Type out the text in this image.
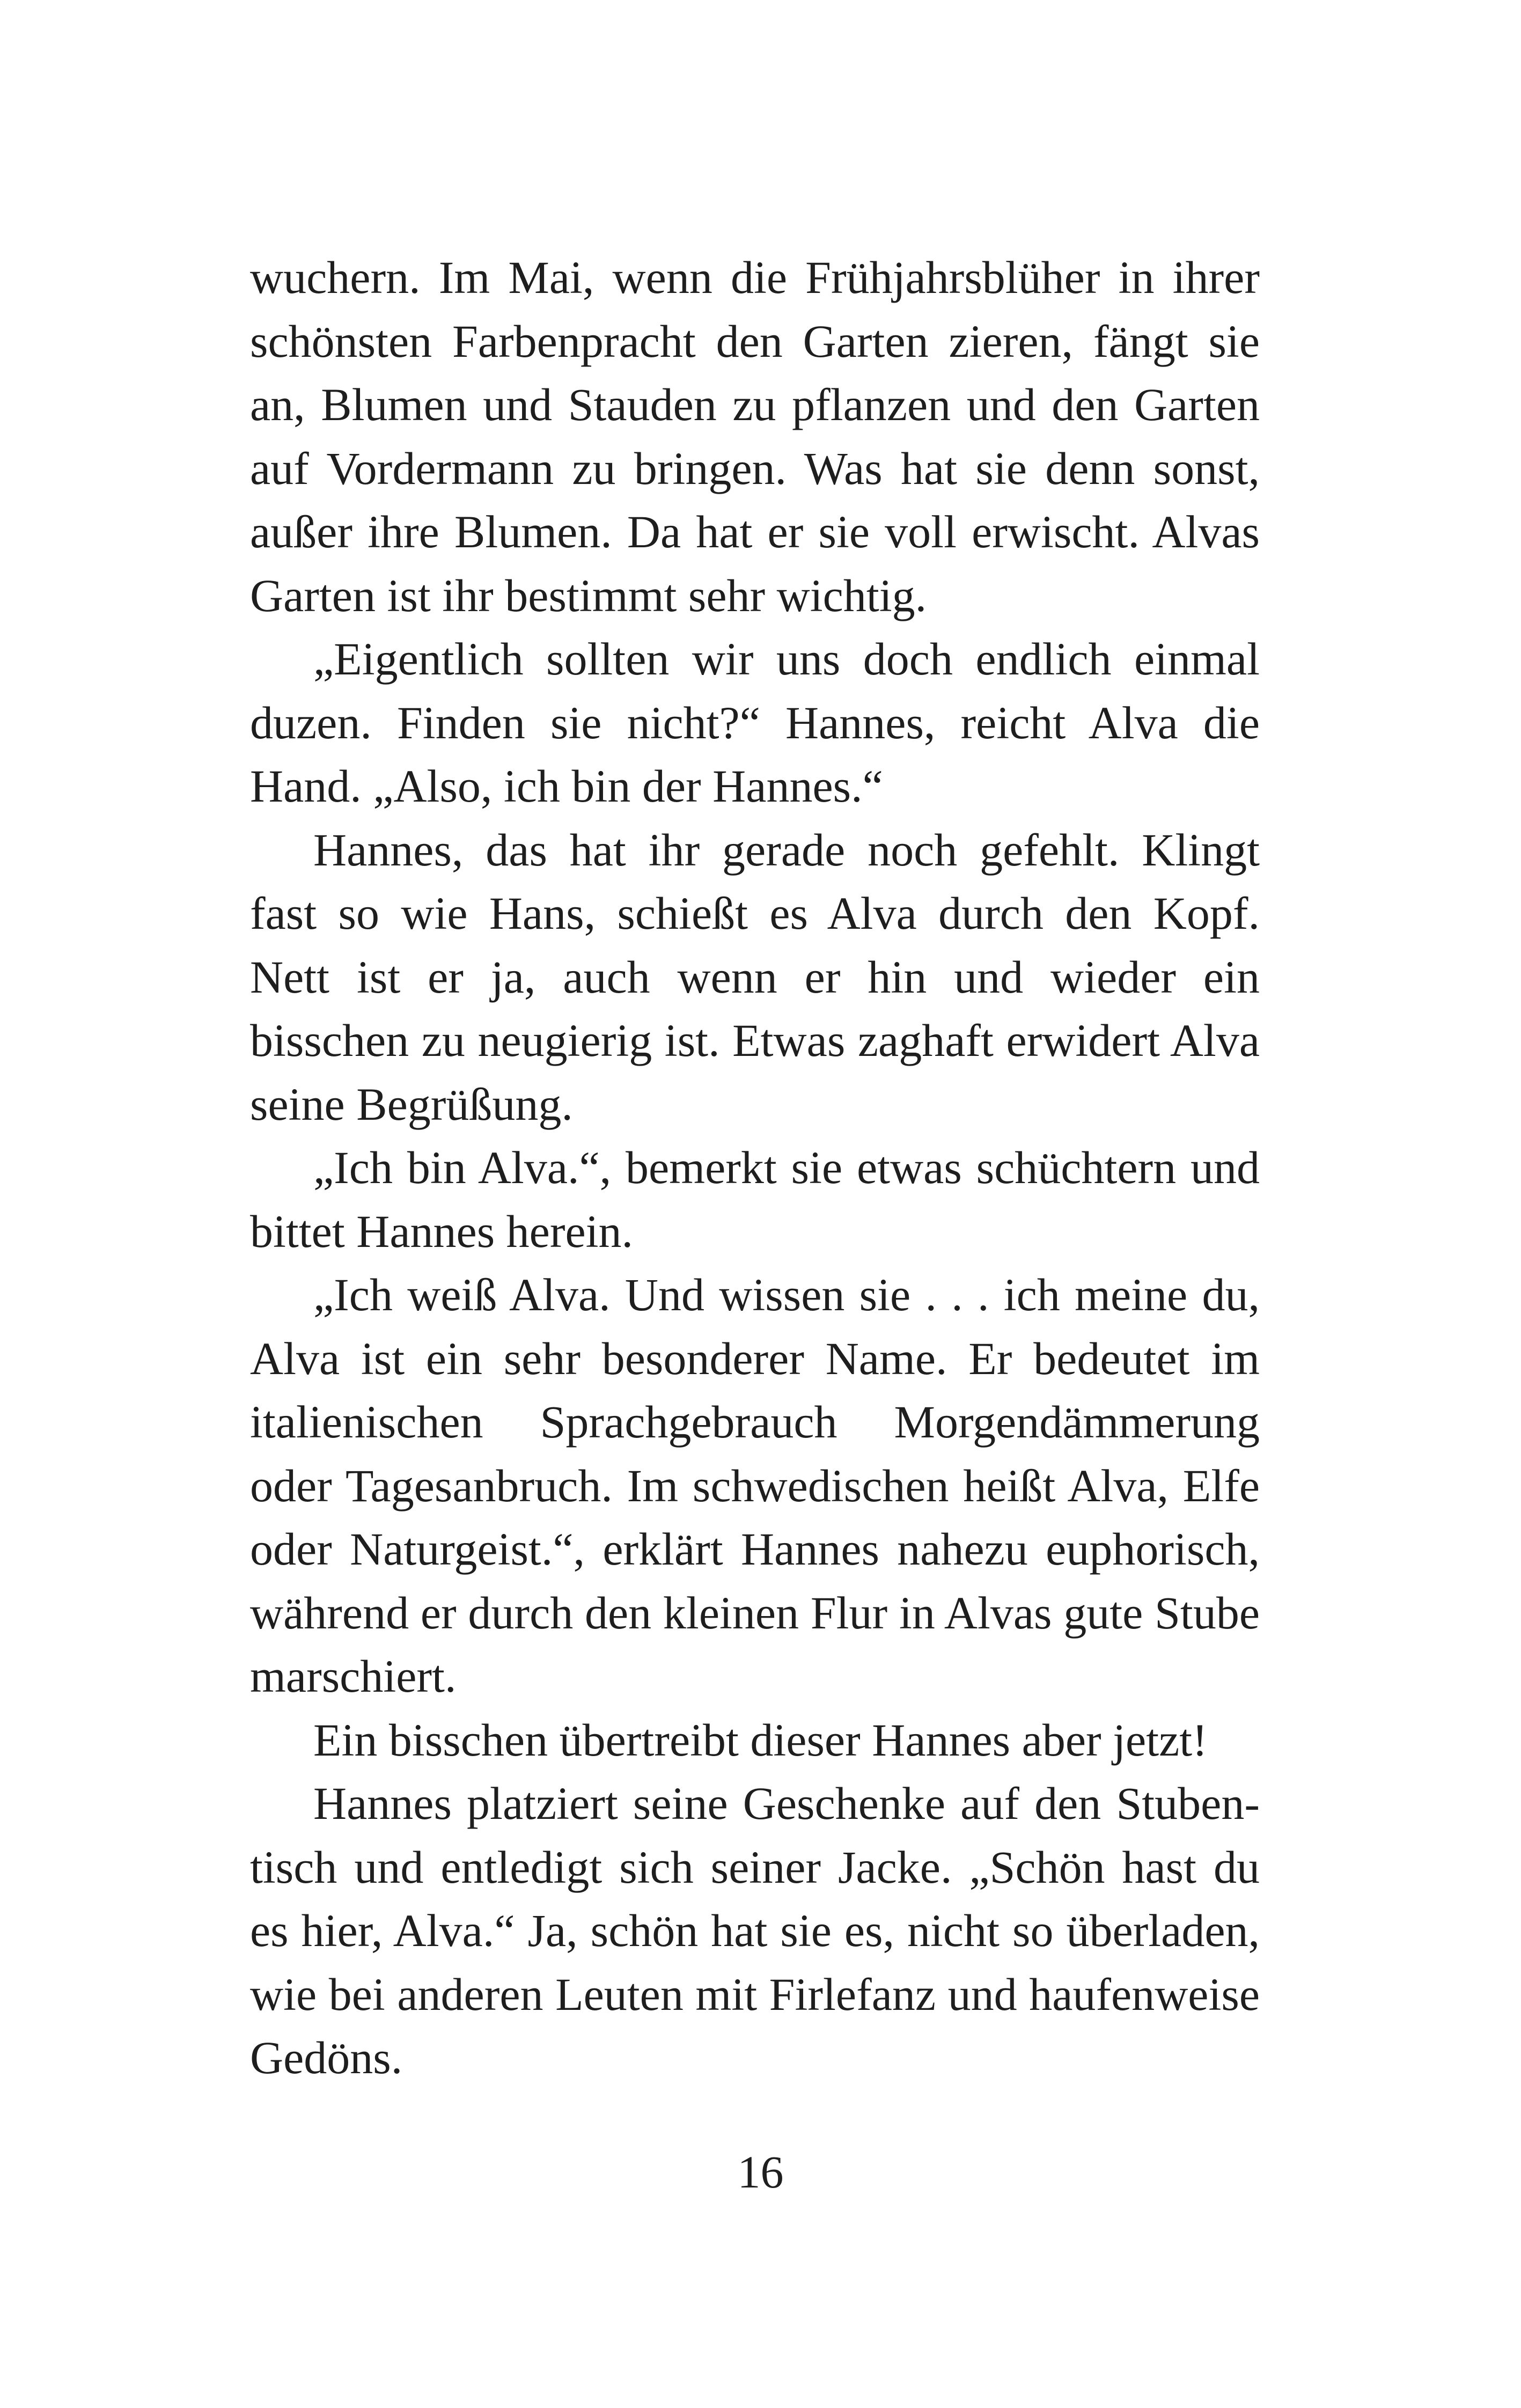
wuchern. Im Mai, wenn die Frühjahrsblüher in ihrer
schönsten Farbenpracht den Garten zieren, fängt sie
an, Blumen und Stauden zu pflanzen und den Garten
auf Vordermann zu bringen. Was hat sie denn sonst,
außer ihre Blumen. Da hat er sie voll erwischt. Alvas
Garten ist ihr bestimmt sehr wichtig.
„Eigentlich sollten wir uns doch endlich einmal
duzen. Finden sie nicht?“ Hannes, reicht Alva die
Hand. „Also, ich bin der Hannes.“
Hannes, das hat ihr gerade noch gefehlt. Klingt
fast so wie Hans, schießt es Alva durch den Kopf.
Nett ist er ja, auch wenn er hin und wieder ein
bisschen zu neugierig ist. Etwas zaghaft erwidert Alva
seine Begrüßung.
„Ich bin Alva.“, bemerkt sie etwas schüchtern und
bittet Hannes herein.
„Ich weiß Alva. Und wissen sie . . . ich meine du,
Alva ist ein sehr besonderer Name. Er bedeutet im
italienischen Sprachgebrauch Morgendämmerung
oder Tagesanbruch. Im schwedischen heißt Alva, Elfe
oder Naturgeist.“, erklärt Hannes nahezu euphorisch,
während er durch den kleinen Flur in Alvas gute Stube
marschiert.
Ein bisschen übertreibt dieser Hannes aber jetzt!
Hannes platziert seine Geschenke auf den Stuben-
tisch und entledigt sich seiner Jacke. „Schön hast du
es hier, Alva.“ Ja, schön hat sie es, nicht so überladen,
wie bei anderen Leuten mit Firlefanz und haufenweise
Gedöns.
16
